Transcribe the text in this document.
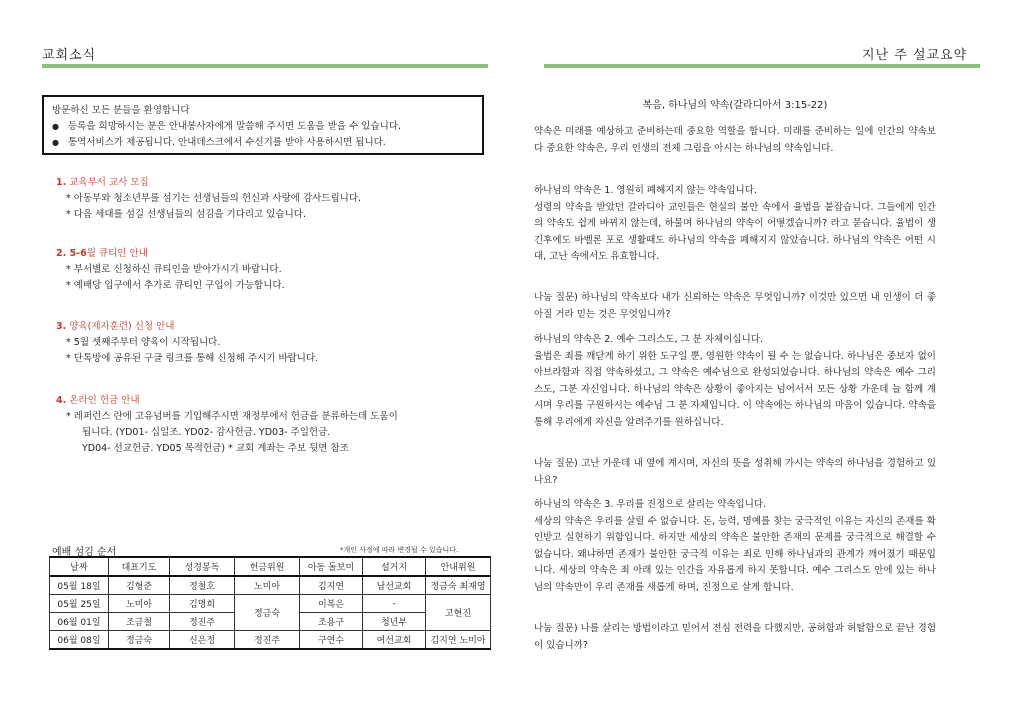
교회소식	지난 주 설교요약
방문하신 모든 분들을 환영합니다
● 등록을 희망하시는 분은 안내봉사자에게 말씀해 주시면 도움을 받을 수 있습니다.
● 통역서비스가 제공됩니다. 안내데스크에서 수신기를 받아 사용하시면 됩니다.
1. 교육부서 교사 모집
* 아동부와 청소년부를 섬기는 선생님들의 헌신과 사랑에 감사드립니다.
* 다음 세대를 섬길 선생님들의 섬김을 기다리고 있습니다.
2. 5-6월 큐티인 안내
* 부서별로 신청하신 큐티인을 받아가시기 바랍니다.
* 예배당 입구에서 추가로 큐티인 구입이 가능합니다.
3. 양육(제자훈련) 신청 안내
* 5월 셋째주부터 양육이 시작됩니다.
* 단톡방에 공유된 구글 링크를 통해 신청해 주시기 바랍니다.
4. 온라인 헌금 안내
* 레퍼런스 란에 고유넘버를 기입해주시면 재정부에서 헌금을 분류하는데 도움이
됩니다. (YD01- 십일조. YD02- 감사헌금. YD03- 주일헌금.
YD04- 선교헌금. YD05 목적헌금) * 교회 계좌는 주보 뒷면 참조
예배 섬김 순서	*개인 사정에 따라 변경될 수 있습니다.
날짜	대표기도	성경봉독	헌금위원	아동 돌보미	설거지	안내위원
05월 18일	김형준	정철호	노미아	김지연	남선교회	정금숙 최재영
05월 25일	노미아	김명희	정금숙	이복은	-	고현진
06월 01일	조금철	정진주		조용구	청년부	
06월 08일	정금숙	신은정	정진주	구연수	여선교회	김지연 노미아
복음, 하나님의 약속(갈라디아서 3:15-22)

약속은 미래를 예상하고 준비하는데 중요한 역할을 합니다. 미래를 준비하는 일에 인간의 약속보다 중요한 약속은, 우리 인생의 전체 그림을 아시는 하나님의 약속입니다.

하나님의 약속은 1. 영원히 폐해지지 않는 약속입니다.
성령의 약속을 받았던 갈라디아 교인들은 현실의 불안 속에서 율법을 붙잡습니다. 그들에게 인간의 약속도 쉽게 바뀌지 않는데, 하물며 하나님의 약속이 어떻겠습니까? 라고 묻습니다. 율법이 생긴후에도 바벨론 포로 생활때도 하나님의 약속을 폐해지지 않았습니다. 하나님의 약속은 어떤 시대, 고난 속에서도 유효합니다.

나눔 질문) 하나님의 약속보다 내가 신뢰하는 약속은 무엇입니까? 이것만 있으면 내 인생이 더 좋아질 거라 믿는 것은 무엇입니까?

하나님의 약속은 2. 예수 그리스도, 그 분 자체이십니다.
율법은 죄를 깨닫게 하기 위한 도구일 뿐, 영원한 약속이 될 수 는 없습니다. 하나님은 중보자 없이 아브라함과 직접 약속하셨고, 그 약속은 예수님으로 완성되었습니다. 하나님의 약속은 예수 그리스도, 그분 자신입니다. 하나님의 약속은 상황이 좋아지는 넘어서서 모든 상황 가운데 늘 함께 계시며 우리를 구원하시는 예수님 그 분 자체입니다. 이 약속에는 하나님의 마음이 있습니다. 약속을 통해 우리에게 자신을 알려주기를 원하십니다.

나눔 질문) 고난 가운데 내 옆에 계시며, 자신의 뜻을 성취해 가시는 약속의 하나님을 경험하고 있나요?

하나님의 약속은 3. 우리를 진정으로 살리는 약속입니다.
세상의 약속은 우리를 살릴 수 없습니다. 돈, 능력, 명예를 찾는 궁극적인 이유는 자신의 존재를 확인받고 실현하기 위함입니다. 하지만 세상의 약속은 불안한 존재의 문제를 궁극적으로 해결할 수 없습니다. 왜냐하면 존재가 불안한 궁극적 이유는 죄로 인해 하나님과의 관계가 깨어졌기 때문입니다. 세상의 약속은 죄 아래 있는 인간을 자유롭게 하지 못합니다. 예수 그리스도 안에 있는 하나님의 약속만이 우리 존재를 새롭게 하며, 진정으로 살게 합니다.

나눔 질문) 나를 살리는 방법이라고 믿어서 전심 전력을 다했지만, 공허함과 허탈함으로 끝난 경험이 있습니까?
